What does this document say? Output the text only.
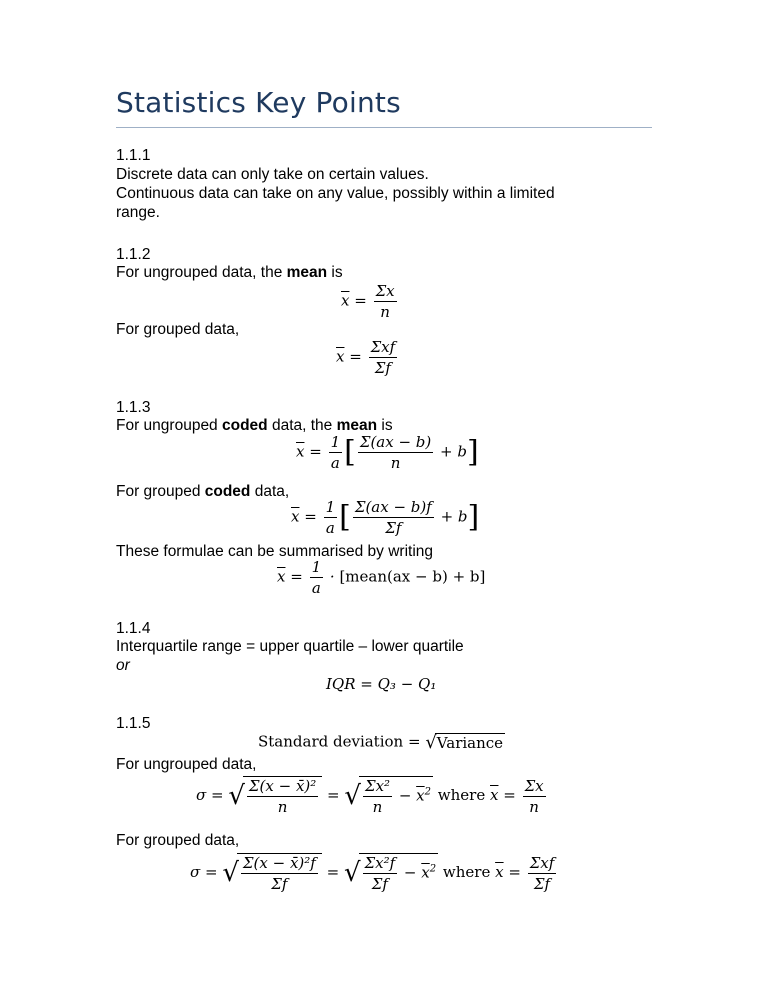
Statistics Key Points
1.1.1
Discrete data can only take on certain values.
Continuous data can take on any value, possibly within a limited
range.
1.1.2
For ungrouped data, the mean is
$\overline{x} = \frac{\Sigma x}{n}$
For grouped data,
$\overline{x} = \frac{\text{Σxf}}{\Sigma f}$
1.1.3
For ungrouped coded data, the mean is
$\overline{x} = \frac{1}{a}$ [ $\frac{\Sigma(ax - b)}{n} + b$]
For grouped coded data,
$\overline{x} = \frac{1}{a}$ [ $\frac{\Sigma(ax - b)f}{\Sigma f} + b$]
These formulae can be summarised by writing
$\overline{x} = \frac{1}{a}$ · [mean(ax − b) + b]
1.1.4
Interquartile range = upper quartile – lower quartile
or
IQR = Q₃ − Q₁
1.1.5
Standard deviation = √Variance
For ungrouped data,
σ = √ $\frac{\text{Σ(x − x̄)²}}{n}$ = √ $\frac{\text{Σx²}}{n} - \overline{x}^2$ where $\overline{x} = \frac{\Sigma x}{n}$
For grouped data,
σ = √ $\frac{\text{Σ(x − x̄)²f}}{\Sigma f}$ = √ $\frac{\text{Σx²f}}{\Sigma f} - \overline{x}^2$ where $\overline{x} = \frac{\text{Σxf}}{\Sigma f}$
